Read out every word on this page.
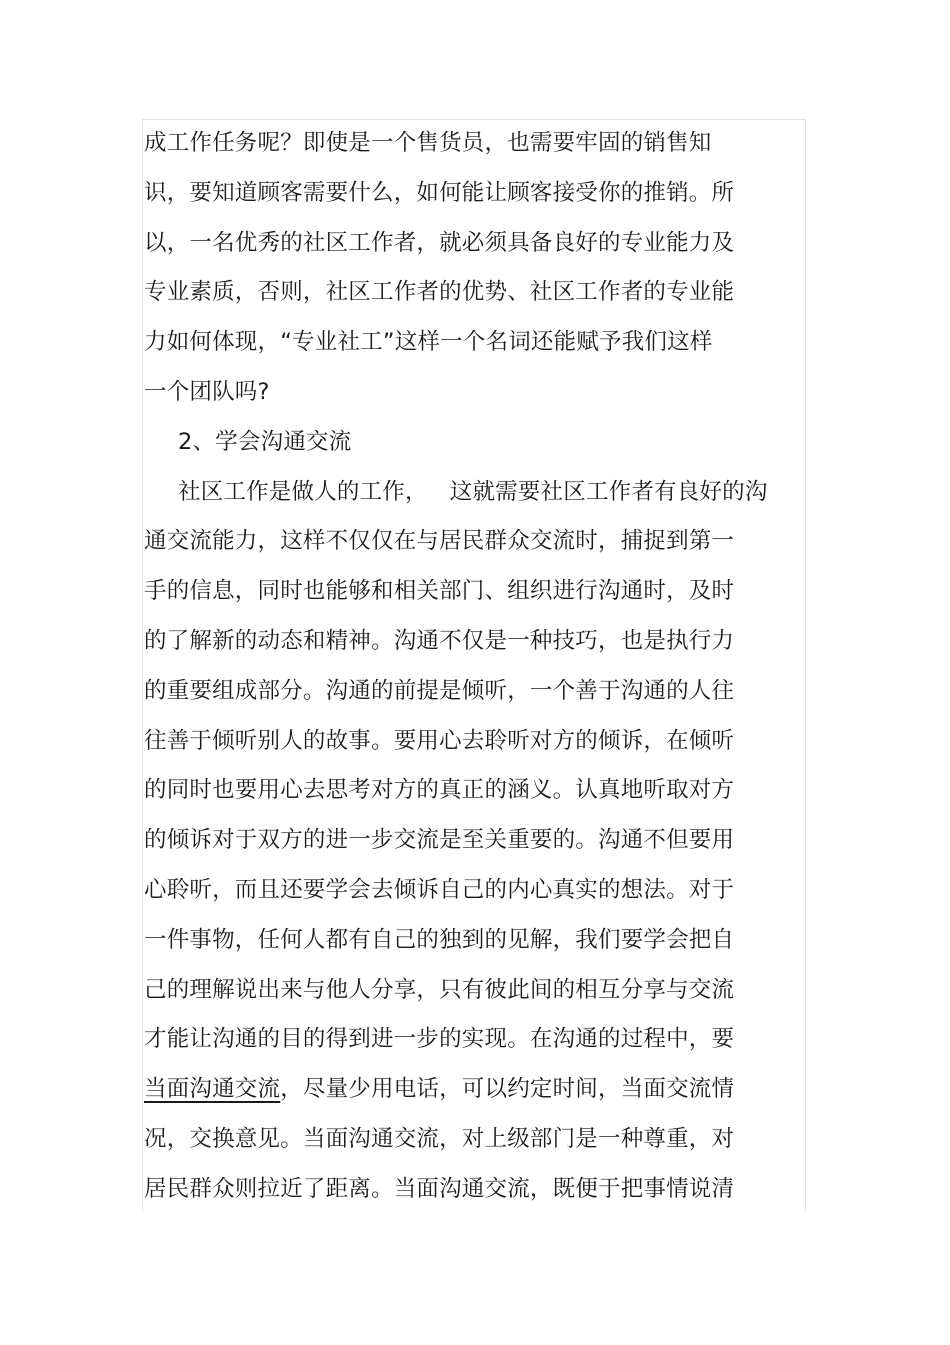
成工作任务呢？即使是一个售货员，也需要牢固的销售知
识，要知道顾客需要什么，如何能让顾客接受你的推销。所
以，一名优秀的社区工作者，就必须具备良好的专业能力及
专业素质，否则，社区工作者的优势、社区工作者的专业能
力如何体现，“专业社工”这样一个名词还能赋予我们这样
一个团队吗?
2、学会沟通交流
社区工作是做人的工作，   这就需要社区工作者有良好的沟
通交流能力，这样不仅仅在与居民群众交流时，捕捉到第一
手的信息，同时也能够和相关部门、组织进行沟通时，及时
的了解新的动态和精神。沟通不仅是一种技巧，也是执行力
的重要组成部分。沟通的前提是倾听，一个善于沟通的人往
往善于倾听别人的故事。要用心去聆听对方的倾诉，在倾听
的同时也要用心去思考对方的真正的涵义。认真地听取对方
的倾诉对于双方的进一步交流是至关重要的。沟通不但要用
心聆听，而且还要学会去倾诉自己的内心真实的想法。对于
一件事物，任何人都有自己的独到的见解，我们要学会把自
己的理解说出来与他人分享，只有彼此间的相互分享与交流
才能让沟通的目的得到进一步的实现。在沟通的过程中，要
当面沟通交流，尽量少用电话，可以约定时间，当面交流情
况，交换意见。当面沟通交流，对上级部门是一种尊重，对
居民群众则拉近了距离。当面沟通交流，既便于把事情说清
